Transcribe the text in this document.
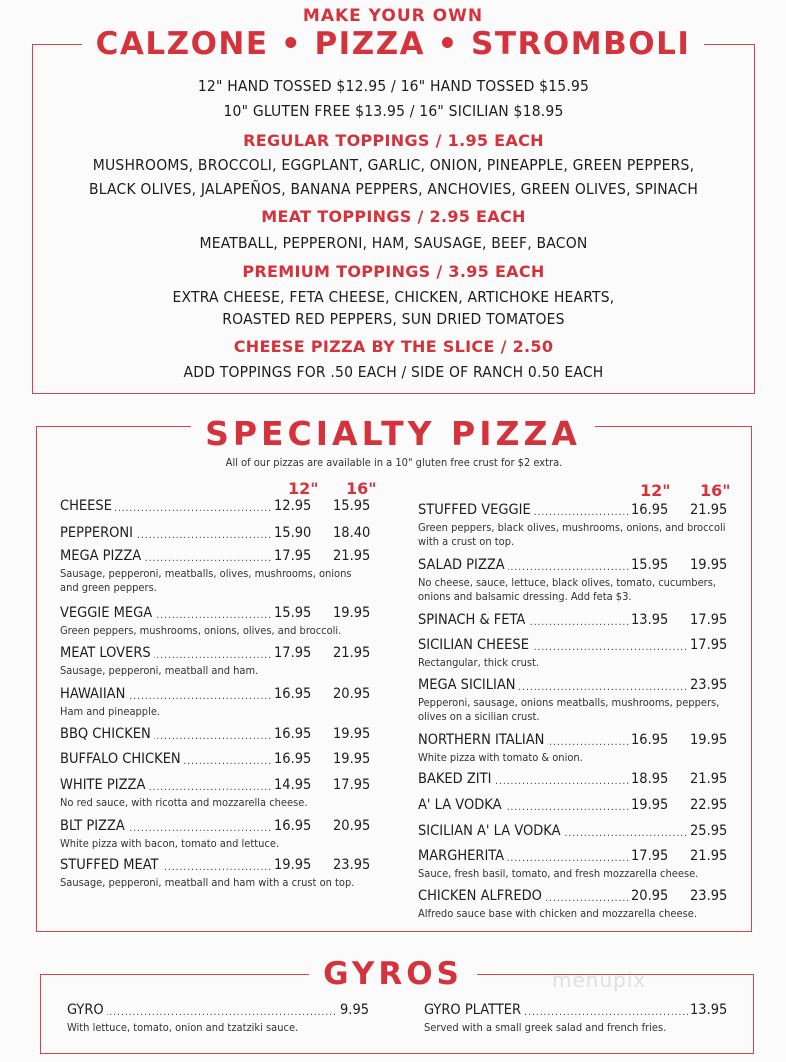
MAKE YOUR OWN
CALZONE • PIZZA • STROMBOLI
12" HAND TOSSED $12.95 / 16" HAND TOSSED $15.95
10" GLUTEN FREE $13.95 / 16" SICILIAN $18.95
REGULAR TOPPINGS / 1.95 EACH
MUSHROOMS, BROCCOLI, EGGPLANT, GARLIC, ONION, PINEAPPLE, GREEN PEPPERS,
BLACK OLIVES, JALAPEÑOS, BANANA PEPPERS, ANCHOVIES, GREEN OLIVES, SPINACH
MEAT TOPPINGS / 2.95 EACH
MEATBALL, PEPPERONI, HAM, SAUSAGE, BEEF, BACON
PREMIUM TOPPINGS / 3.95 EACH
EXTRA CHEESE, FETA CHEESE, CHICKEN, ARTICHOKE HEARTS,
ROASTED RED PEPPERS, SUN DRIED TOMATOES
CHEESE PIZZA BY THE SLICE / 2.50
ADD TOPPINGS FOR .50 EACH / SIDE OF RANCH 0.50 EACH
SPECIALTY PIZZA
All of our pizzas are available in a 10" gluten free crust for $2 extra.
12" 16"	12" 16"
CHEESE .....	12.95 15.95
PEPPERONI .....	15.90 18.40
MEGA PIZZA .....	17.95 21.95
Sausage, pepperoni, meatballs, olives, mushrooms, onions and green peppers.
VEGGIE MEGA .....	15.95 19.95
Green peppers, mushrooms, onions, olives, and broccoli.
MEAT LOVERS .....	17.95 21.95
Sausage, pepperoni, meatball and ham.
HAWAIIAN .....	16.95 20.95
Ham and pineapple.
BBQ CHICKEN .....	16.95 19.95
BUFFALO CHICKEN .....	16.95 19.95
WHITE PIZZA .....	14.95 17.95
No red sauce, with ricotta and mozzarella cheese.
BLT PIZZA .....	16.95 20.95
White pizza with bacon, tomato and lettuce.
STUFFED MEAT .....	19.95 23.95
Sausage, pepperoni, meatball and ham with a crust on top.
STUFFED VEGGIE .....	16.95 21.95
Green peppers, black olives, mushrooms, onions, and broccoli with a crust on top.
SALAD PIZZA .....	15.95 19.95
No cheese, sauce, lettuce, black olives, tomato, cucumbers, onions and balsamic dressing. Add feta $3.
SPINACH & FETA .....	13.95 17.95
SICILIAN CHEESE .....	17.95
Rectangular, thick crust.
MEGA SICILIAN .....	23.95
Pepperoni, sausage, onions meatballs, mushrooms, peppers, olives on a sicilian crust.
NORTHERN ITALIAN .....	16.95 19.95
White pizza with tomato & onion.
BAKED ZITI .....	18.95 21.95
A' LA VODKA .....	19.95 22.95
SICILIAN A' LA VODKA .....	25.95
MARGHERITA .....	17.95 21.95
Sauce, fresh basil, tomato, and fresh mozzarella cheese.
CHICKEN ALFREDO .....	20.95 23.95
Alfredo sauce base with chicken and mozzarella cheese.
GYROS	menupix
.....
GYRO	9.95
With lettuce, tomato, onion and tzatziki sauce.
.....
GYRO PLATTER	13.95
Served with a small greek salad and french fries.
